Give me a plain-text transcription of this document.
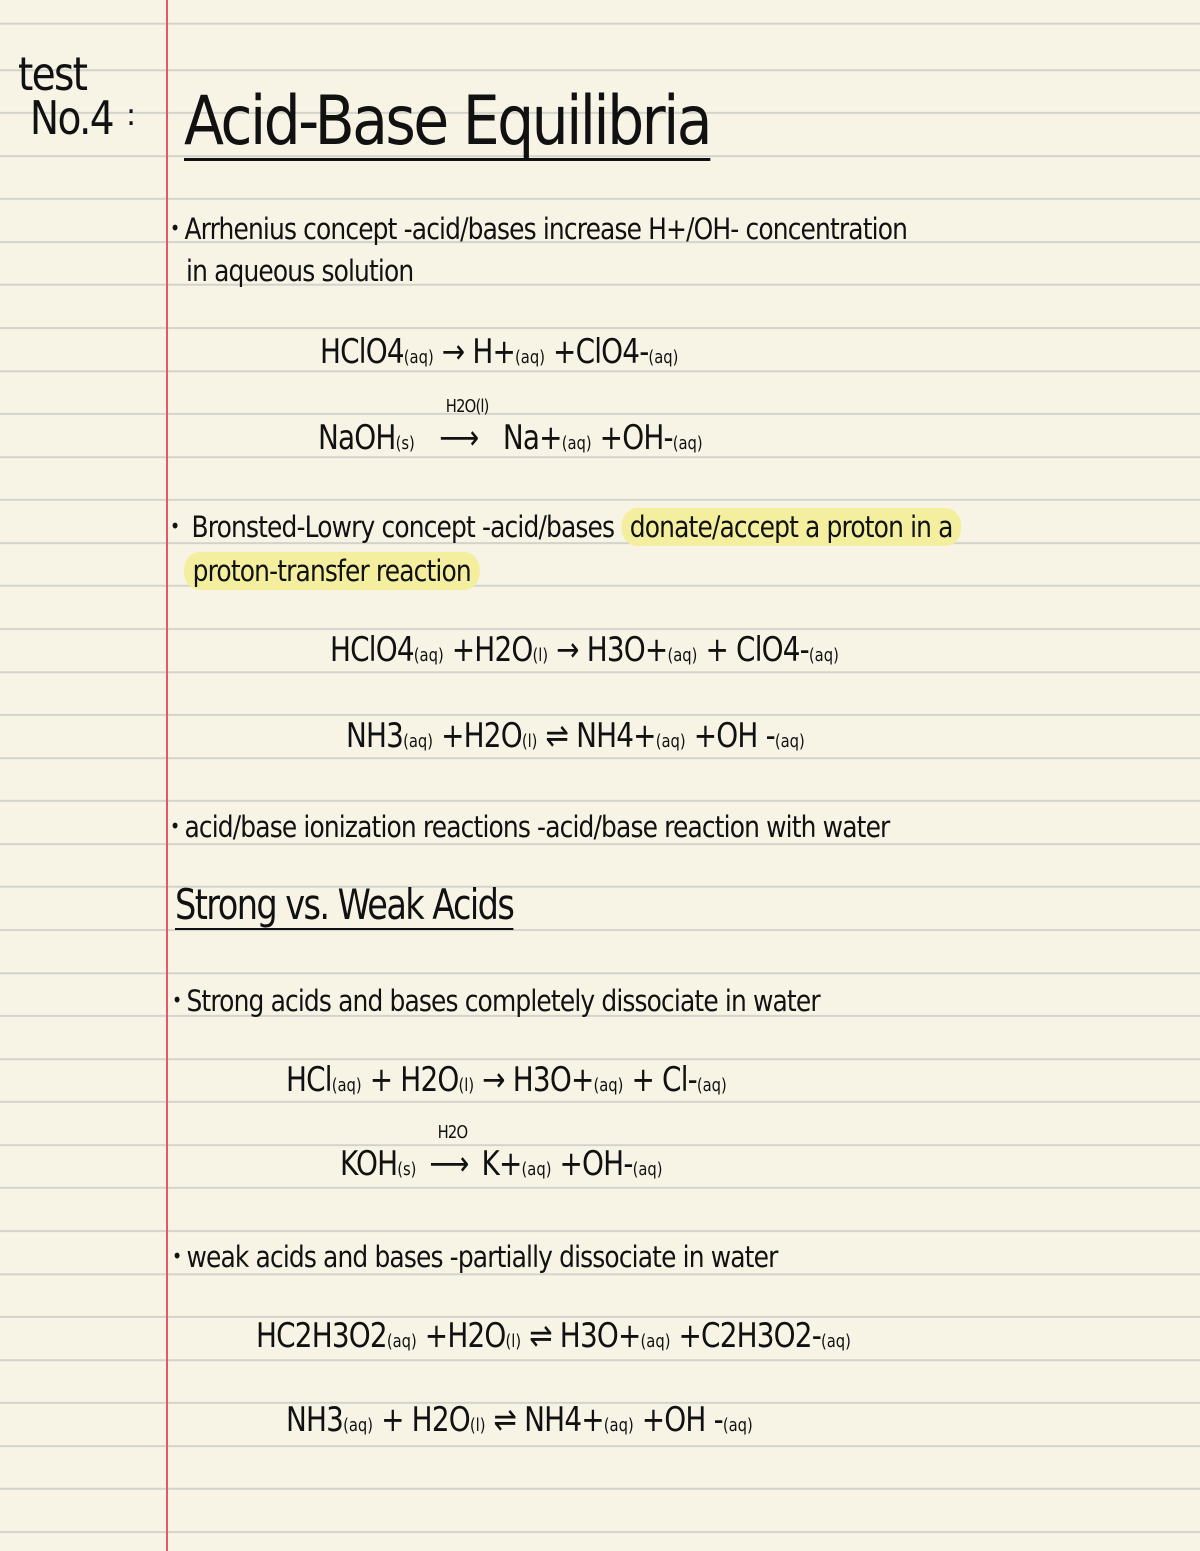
test
No.4 : Acid-Base Equilibria
• Arrhenius concept -acid/bases increase H+/OH- concentration
in aqueous solution
HClO4(aq) → H+(aq) +ClO4-(aq)
NaOH(s)
H2O(l)
⟶ Na+(aq) +OH-(aq)
• Bronsted-Lowry concept -acid/bases donate/accept a proton in a
proton-transfer reaction
HClO4(aq) +H2O(l) → H3O+(aq) + ClO4-(aq)
NH3(aq) +H2O(l) ⇌ NH4+(aq) +OH -(aq)
• acid/base ionization reactions -acid/base reaction with water
Strong vs. Weak Acids
• Strong acids and bases completely dissociate in water
HCl(aq) + H2O(l) → H3O+(aq) + Cl-(aq)
KOH(s)
H2O
⟶ K+(aq) +OH-(aq)
• weak acids and bases -partially dissociate in water
HC2H3O2(aq) +H2O(l) ⇌ H3O+(aq) +C2H3O2-(aq)
NH3(aq) + H2O(l) ⇌ NH4+(aq) +OH -(aq)
